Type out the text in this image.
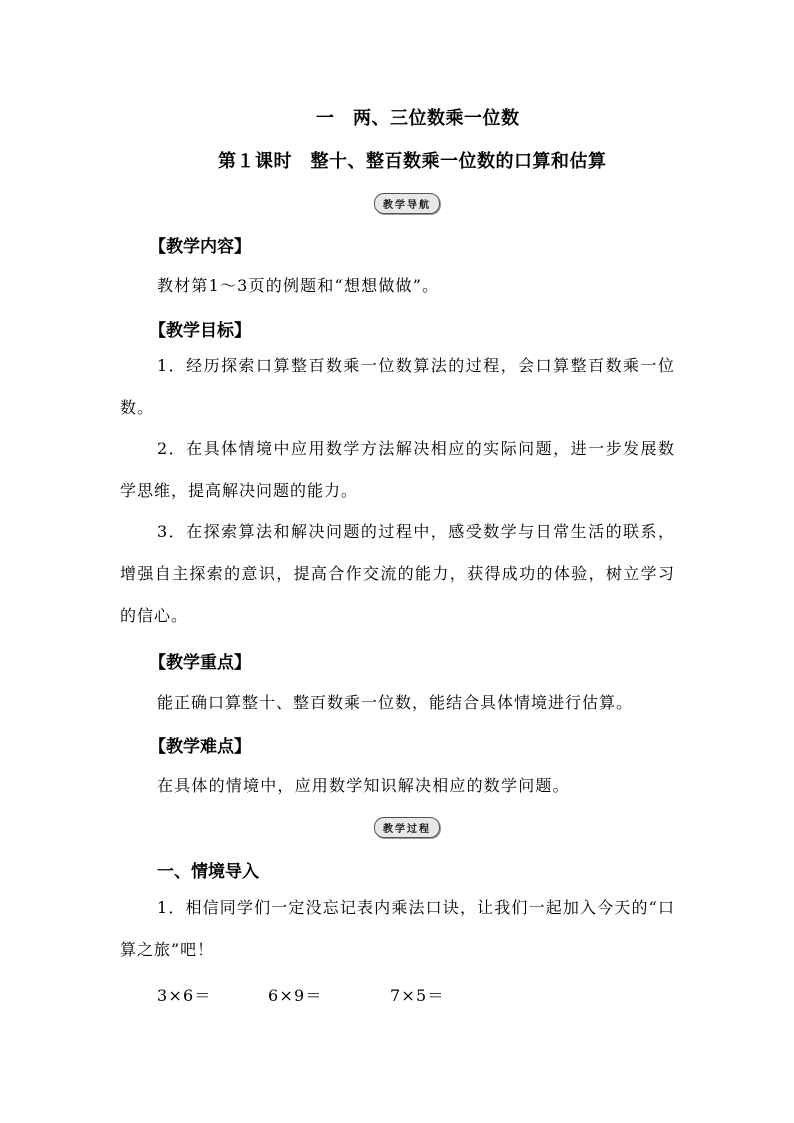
一　两、三位数乘一位数
第１课时　整十、整百数乘一位数的口算和估算
教学导航
【教学内容】
教材第1～3页的例题和“想想做做”。
【教学目标】
1．经历探索口算整百数乘一位数算法的过程，会口算整百数乘一位数。
2．在具体情境中应用数学方法解决相应的实际问题，进一步发展数学思维，提高解决问题的能力。
3．在探索算法和解决问题的过程中，感受数学与日常生活的联系，增强自主探索的意识，提高合作交流的能力，获得成功的体验，树立学习的信心。
【教学重点】
能正确口算整十、整百数乘一位数，能结合具体情境进行估算。
【教学难点】
在具体的情境中，应用数学知识解决相应的数学问题。
教学过程
一、情境导入
1．相信同学们一定没忘记表内乘法口诀，让我们一起加入今天的“口算之旅”吧！
3×6＝	6×9＝	7×5＝
